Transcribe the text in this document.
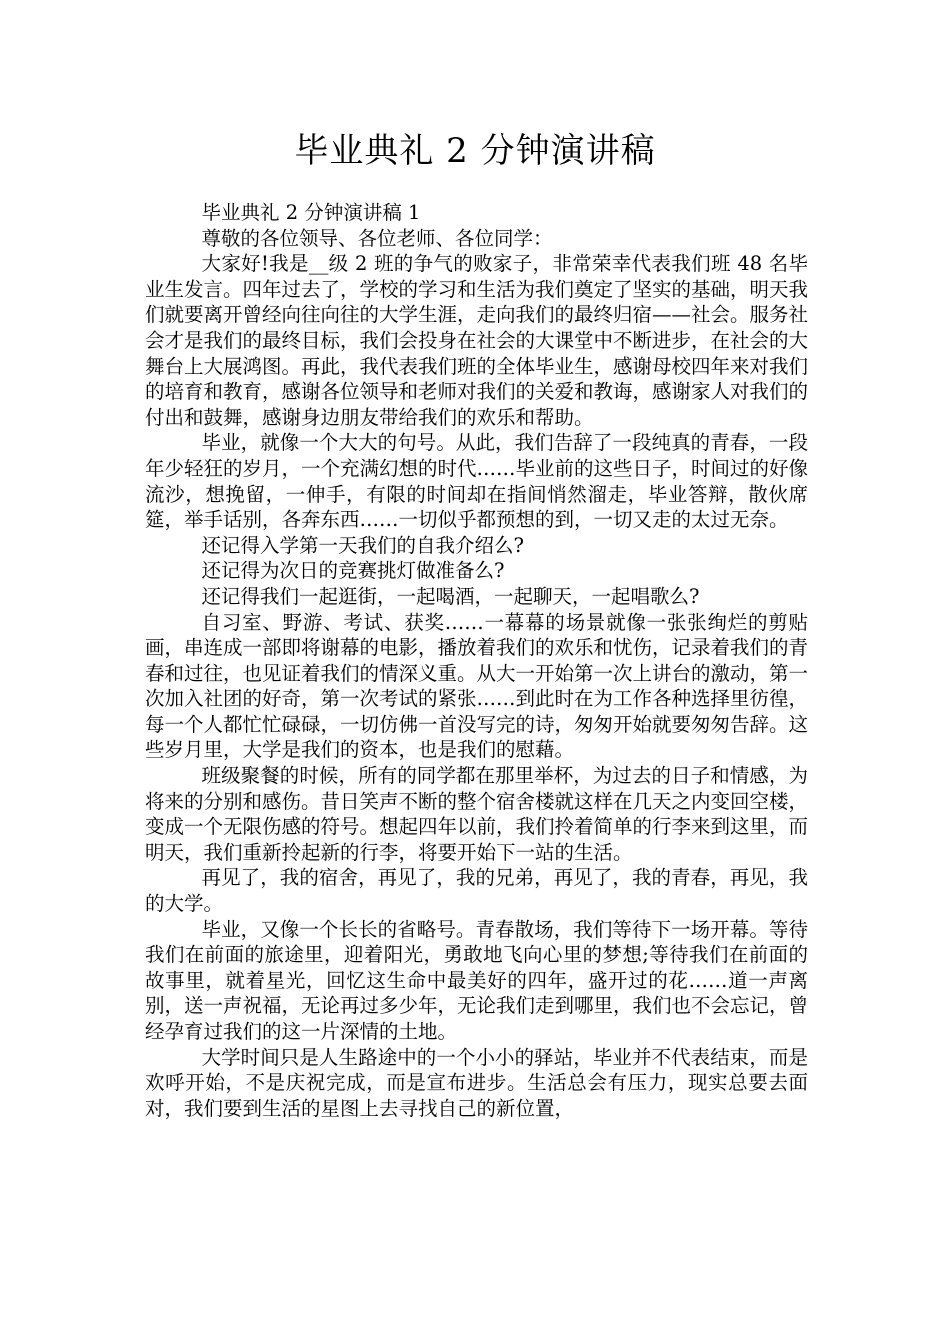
毕业典礼 2 分钟演讲稿

毕业典礼 2 分钟演讲稿 1

尊敬的各位领导、各位老师、各位同学：

大家好!我是__级 2 班的争气的败家子，非常荣幸代表我们班 48 名毕业生发言。四年过去了，学校的学习和生活为我们奠定了坚实的基础，明天我们就要离开曾经向往向往的大学生涯，走向我们的最终归宿——社会。服务社会才是我们的最终目标，我们会投身在社会的大课堂中不断进步，在社会的大舞台上大展鸿图。再此，我代表我们班的全体毕业生，感谢母校四年来对我们的培育和教育，感谢各位领导和老师对我们的关爱和教诲，感谢家人对我们的付出和鼓舞，感谢身边朋友带给我们的欢乐和帮助。

毕业，就像一个大大的句号。从此，我们告辞了一段纯真的青春，一段年少轻狂的岁月，一个充满幻想的时代……毕业前的这些日子，时间过的好像流沙，想挽留，一伸手，有限的时间却在指间悄然溜走，毕业答辩，散伙席筵，举手话别，各奔东西……一切似乎都预想的到，一切又走的太过无奈。

还记得入学第一天我们的自我介绍么?

还记得为次日的竞赛挑灯做准备么?

还记得我们一起逛街，一起喝酒，一起聊天，一起唱歌么?

自习室、野游、考试、获奖……一幕幕的场景就像一张张绚烂的剪贴画，串连成一部即将谢幕的电影，播放着我们的欢乐和忧伤，记录着我们的青春和过往，也见证着我们的情深义重。从大一开始第一次上讲台的激动，第一次加入社团的好奇，第一次考试的紧张……到此时在为工作各种选择里彷徨，每一个人都忙忙碌碌，一切仿佛一首没写完的诗，匆匆开始就要匆匆告辞。这些岁月里，大学是我们的资本，也是我们的慰藉。

班级聚餐的时候，所有的同学都在那里举杯，为过去的日子和情感，为将来的分别和感伤。昔日笑声不断的整个宿舍楼就这样在几天之内变回空楼，变成一个无限伤感的符号。想起四年以前，我们拎着简单的行李来到这里，而明天，我们重新拎起新的行李，将要开始下一站的生活。

再见了，我的宿舍，再见了，我的兄弟，再见了，我的青春，再见，我的大学。

毕业，又像一个长长的省略号。青春散场，我们等待下一场开幕。等待我们在前面的旅途里，迎着阳光，勇敢地飞向心里的梦想;等待我们在前面的故事里，就着星光，回忆这生命中最美好的四年，盛开过的花……道一声离别，送一声祝福，无论再过多少年，无论我们走到哪里，我们也不会忘记，曾经孕育过我们的这一片深情的土地。

大学时间只是人生路途中的一个小小的驿站，毕业并不代表结束，而是欢呼开始，不是庆祝完成，而是宣布进步。生活总会有压力，现实总要去面对，我们要到生活的星图上去寻找自己的新位置，
